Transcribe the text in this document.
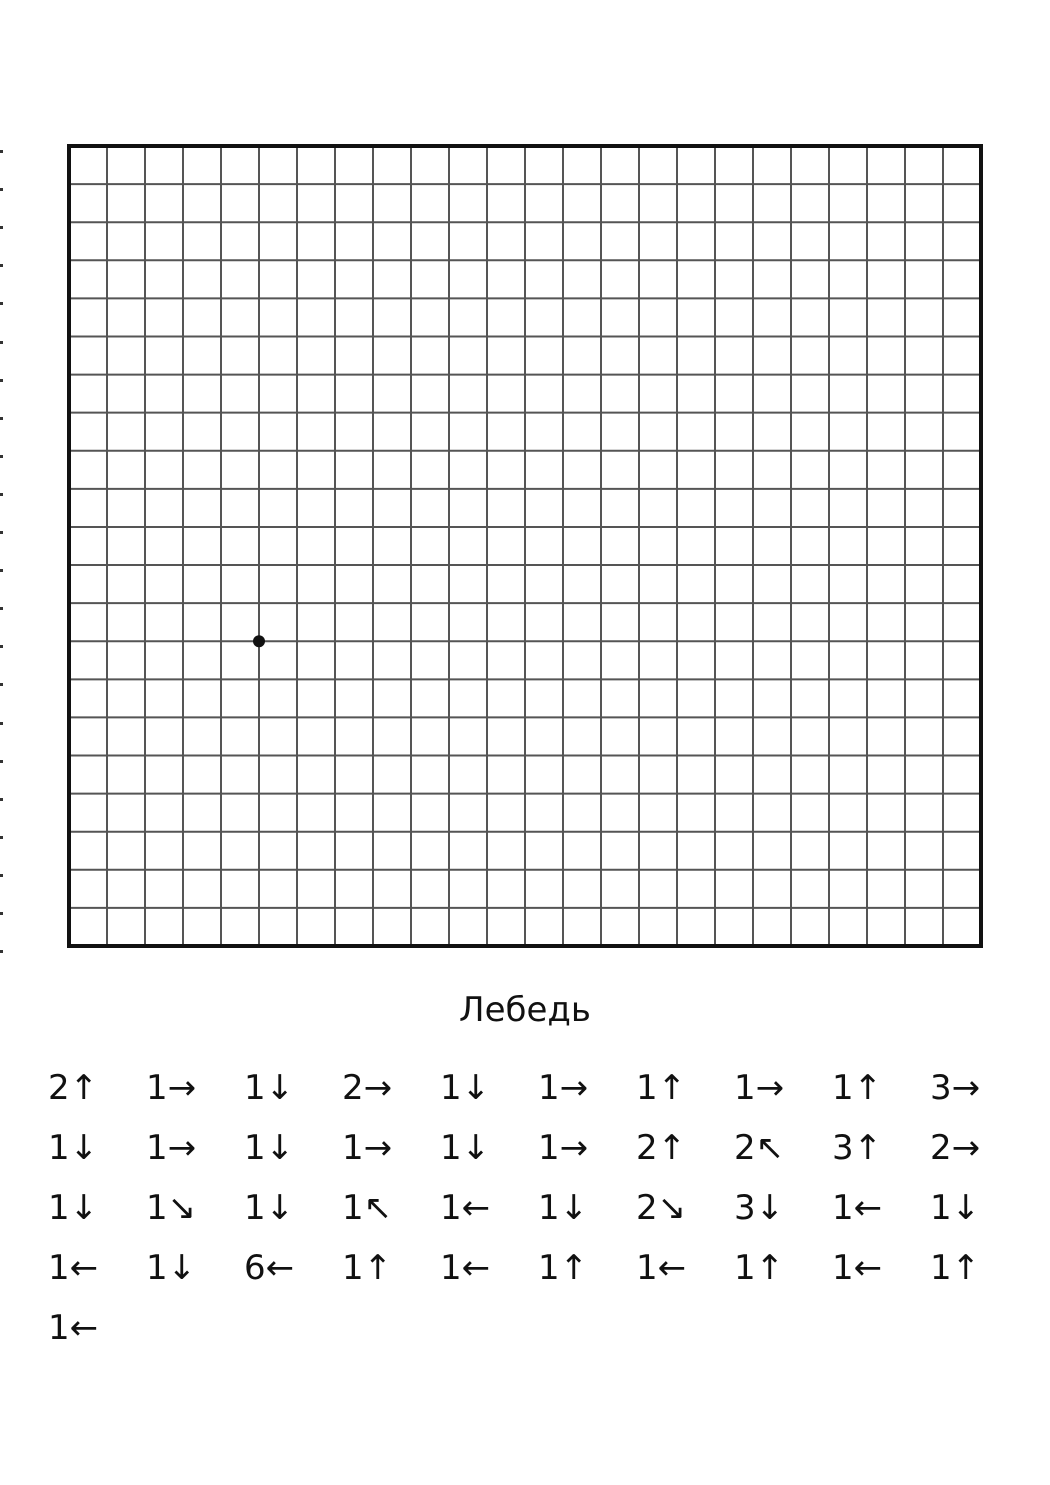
Лебедь
2↑	1→	1↓	2→	1↓	1→	1↑	1→	1↑	3→
1↓	1→	1↓	1→	1↓	1→	2↑	2↖	3↑	2→
1↓	1↘	1↓	1↖	1←	1↓	2↘	3↓	1←	1↓
1←	1↓	6←	1↑	1←	1↑	1←	1↑	1←	1↑
1←
